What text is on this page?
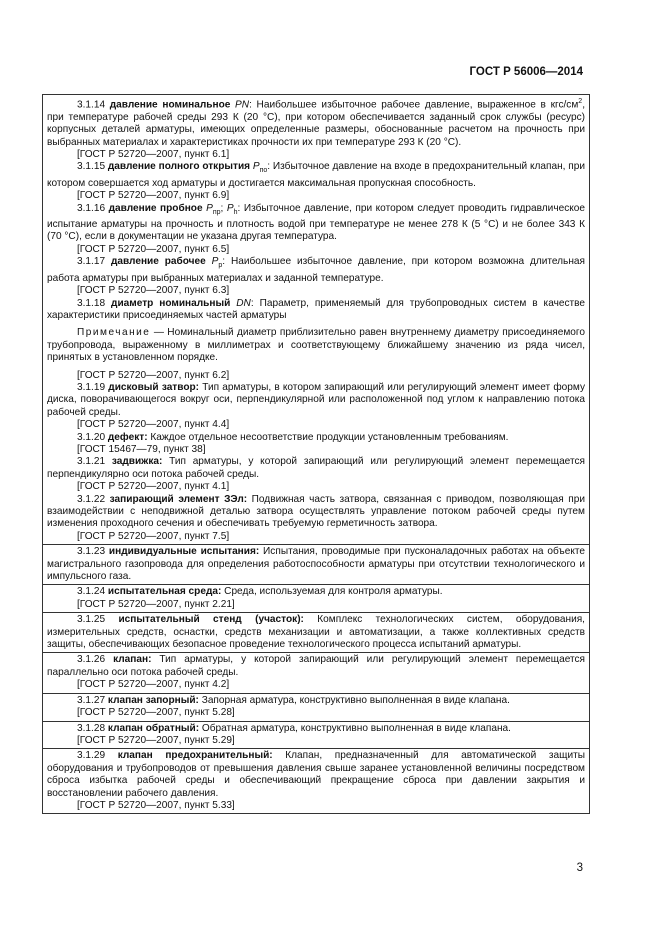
ГОСТ Р 56006—2014

3.1.14 давление номинальное PN: Наибольшее избыточное рабочее давление, выраженное в кгс/$см^2$, при температуре рабочей среды 293 К (20 °С), при котором обеспечивается заданный срок службы (ресурс) корпусных деталей арматуры, имеющих определенные размеры, обоснованные расчетом на прочность при выбранных материалах и характеристиках прочности их при температуре 293 К (20 °С).

[ГОСТ Р 52720—2007, пункт 6.1]

3.1.15 давление полного открытия $P_{по}$: Избыточное давление на входе в предохранительный клапан, при котором совершается ход арматуры и достигается максимальная пропускная способность.

[ГОСТ Р 52720—2007, пункт 6.9]

3.1.16 давление пробное $P_{пр}$; $P_h$: Избыточное давление, при котором следует проводить гидравлическое испытание арматуры на прочность и плотность водой при температуре не менее 278 К (5 °С) и не более 343 К (70 °С), если в документации не указана другая температура.

[ГОСТ Р 52720—2007, пункт 6.5]

3.1.17 давление рабочее $P_р$: Наибольшее избыточное давление, при котором возможна длительная работа арматуры при выбранных материалах и заданной температуре.

[ГОСТ Р 52720—2007, пункт 6.3]

3.1.18 диаметр номинальный DN: Параметр, применяемый для трубопроводных систем в качестве характеристики присоединяемых частей арматуры

Примечание — Номинальный диаметр приблизительно равен внутреннему диаметру присоединяемого трубопровода, выраженному в миллиметрах и соответствующему ближайшему значению из ряда чисел, принятых в установленном порядке.

[ГОСТ Р 52720—2007, пункт 6.2]

3.1.19 дисковый затвор: Тип арматуры, в котором запирающий или регулирующий элемент имеет форму диска, поворачивающегося вокруг оси, перпендикулярной или расположенной под углом к направлению потока рабочей среды.

[ГОСТ Р 52720—2007, пункт 4.4]

3.1.20 дефект: Каждое отдельное несоответствие продукции установленным требованиям.

[ГОСТ 15467—79, пункт 38]

3.1.21 задвижка: Тип арматуры, у которой запирающий или регулирующий элемент перемещается перпендикулярно оси потока рабочей среды.

[ГОСТ Р 52720—2007, пункт 4.1]

3.1.22 запирающий элемент ЗЭл: Подвижная часть затвора, связанная с приводом, позволяющая при взаимодействии с неподвижной деталью затвора осуществлять управление потоком рабочей среды путем изменения проходного сечения и обеспечивать требуемую герметичность затвора.

[ГОСТ Р 52720—2007, пункт 7.5]

3.1.23 индивидуальные испытания: Испытания, проводимые при пусконаладочных работах на объекте магистрального газопровода для определения работоспособности арматуры при отсутствии технологического и импульсного газа.

3.1.24 испытательная среда: Среда, используемая для контроля арматуры.

[ГОСТ Р 52720—2007, пункт 2.21]

3.1.25 испытательный стенд (участок): Комплекс технологических систем, оборудования, измерительных средств, оснастки, средств механизации и автоматизации, а также коллективных средств защиты, обеспечивающих безопасное проведение технологического процесса испытаний арматуры.

3.1.26 клапан: Тип арматуры, у которой запирающий или регулирующий элемент перемещается параллельно оси потока рабочей среды.

[ГОСТ Р 52720—2007, пункт 4.2]

3.1.27 клапан запорный: Запорная арматура, конструктивно выполненная в виде клапана.

[ГОСТ Р 52720—2007, пункт 5.28]

3.1.28 клапан обратный: Обратная арматура, конструктивно выполненная в виде клапана.

[ГОСТ Р 52720—2007, пункт 5.29]

3.1.29 клапан предохранительный: Клапан, предназначенный для автоматической защиты оборудования и трубопроводов от превышения давления свыше заранее установленной величины посредством сброса избытка рабочей среды и обеспечивающий прекращение сброса при давлении закрытия и восстановлении рабочего давления.

[ГОСТ Р 52720—2007, пункт 5.33]

3
